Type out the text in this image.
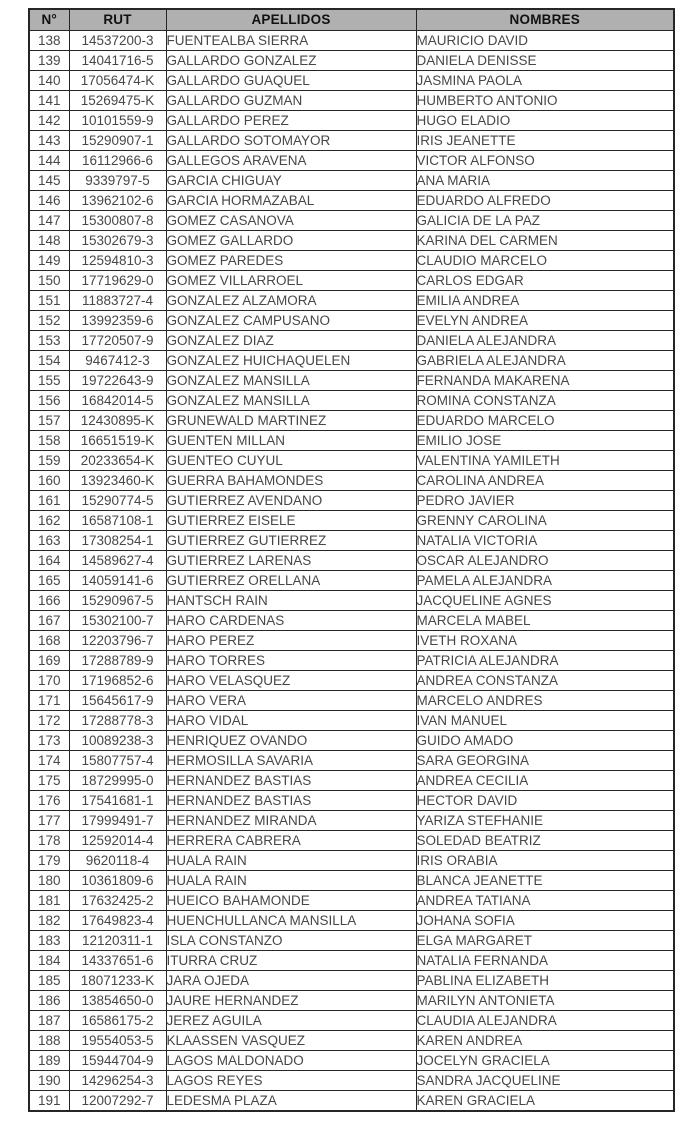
N°	RUT	APELLIDOS	NOMBRES
138	14537200-3	FUENTEALBA SIERRA	MAURICIO DAVID
139	14041716-5	GALLARDO GONZALEZ	DANIELA DENISSE
140	17056474-K	GALLARDO GUAQUEL	JASMINA PAOLA
141	15269475-K	GALLARDO GUZMAN	HUMBERTO ANTONIO
142	10101559-9	GALLARDO PEREZ	HUGO ELADIO
143	15290907-1	GALLARDO SOTOMAYOR	IRIS JEANETTE
144	16112966-6	GALLEGOS ARAVENA	VICTOR ALFONSO
145	9339797-5	GARCIA CHIGUAY	ANA MARIA
146	13962102-6	GARCIA HORMAZABAL	EDUARDO ALFREDO
147	15300807-8	GOMEZ CASANOVA	GALICIA DE LA PAZ
148	15302679-3	GOMEZ GALLARDO	KARINA DEL CARMEN
149	12594810-3	GOMEZ PAREDES	CLAUDIO MARCELO
150	17719629-0	GOMEZ VILLARROEL	CARLOS EDGAR
151	11883727-4	GONZALEZ ALZAMORA	EMILIA ANDREA
152	13992359-6	GONZALEZ CAMPUSANO	EVELYN ANDREA
153	17720507-9	GONZALEZ DIAZ	DANIELA ALEJANDRA
154	9467412-3	GONZALEZ HUICHAQUELEN	GABRIELA ALEJANDRA
155	19722643-9	GONZALEZ MANSILLA	FERNANDA MAKARENA
156	16842014-5	GONZALEZ MANSILLA	ROMINA CONSTANZA
157	12430895-K	GRUNEWALD MARTINEZ	EDUARDO MARCELO
158	16651519-K	GUENTEN MILLAN	EMILIO JOSE
159	20233654-K	GUENTEO CUYUL	VALENTINA YAMILETH
160	13923460-K	GUERRA BAHAMONDES	CAROLINA ANDREA
161	15290774-5	GUTIERREZ AVENDANO	PEDRO JAVIER
162	16587108-1	GUTIERREZ EISELE	GRENNY CAROLINA
163	17308254-1	GUTIERREZ GUTIERREZ	NATALIA VICTORIA
164	14589627-4	GUTIERREZ LARENAS	OSCAR ALEJANDRO
165	14059141-6	GUTIERREZ ORELLANA	PAMELA ALEJANDRA
166	15290967-5	HANTSCH RAIN	JACQUELINE AGNES
167	15302100-7	HARO CARDENAS	MARCELA MABEL
168	12203796-7	HARO PEREZ	IVETH ROXANA
169	17288789-9	HARO TORRES	PATRICIA ALEJANDRA
170	17196852-6	HARO VELASQUEZ	ANDREA CONSTANZA
171	15645617-9	HARO VERA	MARCELO ANDRES
172	17288778-3	HARO VIDAL	IVAN MANUEL
173	10089238-3	HENRIQUEZ OVANDO	GUIDO AMADO
174	15807757-4	HERMOSILLA SAVARIA	SARA GEORGINA
175	18729995-0	HERNANDEZ BASTIAS	ANDREA CECILIA
176	17541681-1	HERNANDEZ BASTIAS	HECTOR DAVID
177	17999491-7	HERNANDEZ MIRANDA	YARIZA STEFHANIE
178	12592014-4	HERRERA CABRERA	SOLEDAD BEATRIZ
179	9620118-4	HUALA RAIN	IRIS ORABIA
180	10361809-6	HUALA RAIN	BLANCA JEANETTE
181	17632425-2	HUEICO BAHAMONDE	ANDREA TATIANA
182	17649823-4	HUENCHULLANCA MANSILLA	JOHANA SOFIA
183	12120311-1	ISLA CONSTANZO	ELGA MARGARET
184	14337651-6	ITURRA CRUZ	NATALIA FERNANDA
185	18071233-K	JARA OJEDA	PABLINA ELIZABETH
186	13854650-0	JAURE HERNANDEZ	MARILYN ANTONIETA
187	16586175-2	JEREZ AGUILA	CLAUDIA ALEJANDRA
188	19554053-5	KLAASSEN VASQUEZ	KAREN ANDREA
189	15944704-9	LAGOS MALDONADO	JOCELYN GRACIELA
190	14296254-3	LAGOS REYES	SANDRA JACQUELINE
191	12007292-7	LEDESMA PLAZA	KAREN GRACIELA
